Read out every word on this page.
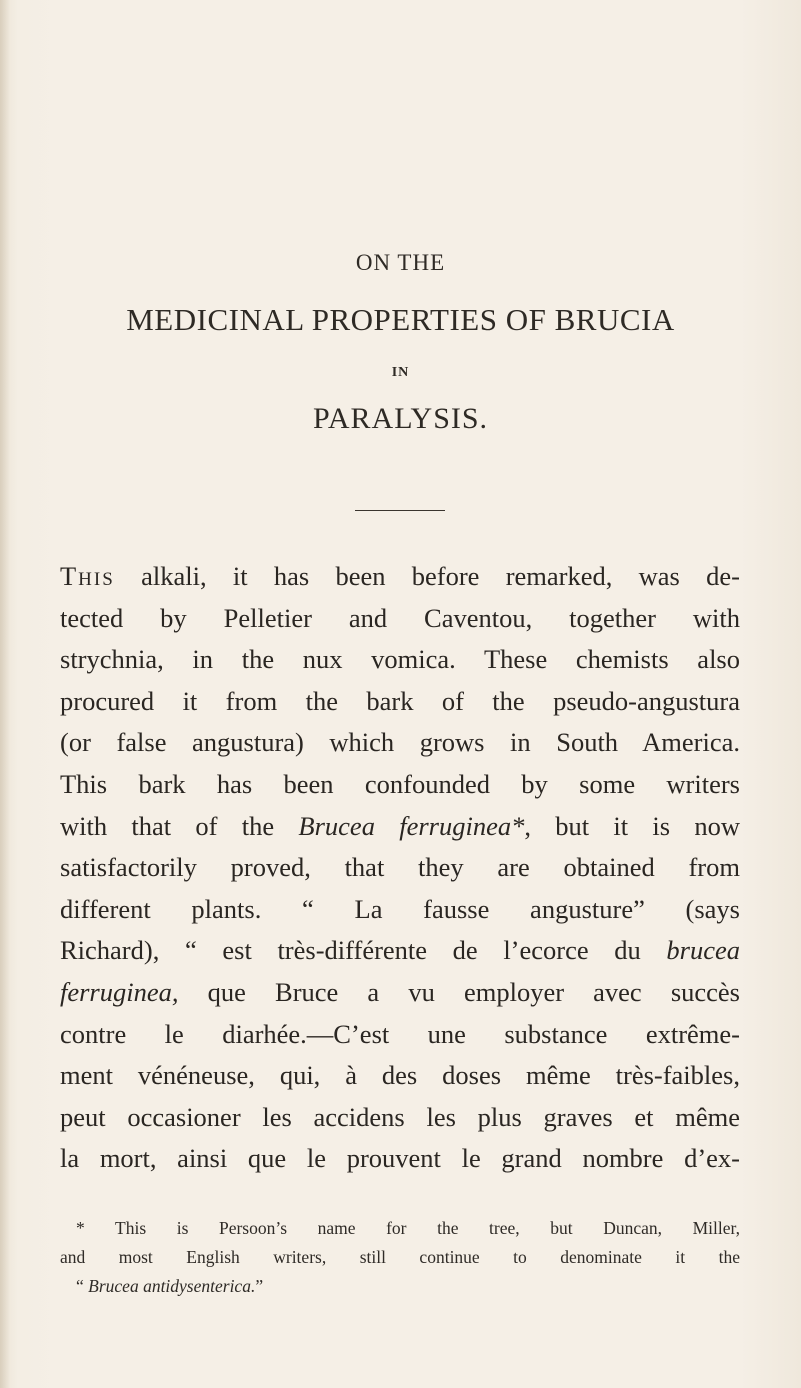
ON THE
MEDICINAL PROPERTIES OF BRUCIA
IN
PARALYSIS.
This alkali, it has been before remarked, was de-
tected by Pelletier and Caventou, together with
strychnia, in the nux vomica. These chemists also
procured it from the bark of the pseudo-angustura
(or false angustura) which grows in South America.
This bark has been confounded by some writers
with that of the Brucea ferruginea*, but it is now
satisfactorily proved, that they are obtained from
different plants. “ La fausse angusture” (says
Richard), “ est très-différente de l’ecorce du brucea
ferruginea, que Bruce a vu employer avec succès
contre le diarhée.—C’est une substance extrême-
ment vénéneuse, qui, à des doses même très-faibles,
peut occasioner les accidens les plus graves et même
la mort, ainsi que le prouvent le grand nombre d’ex-
* This is Persoon’s name for the tree, but Duncan, Miller,
and most English writers, still continue to denominate it the
“ Brucea antidysenterica.”
